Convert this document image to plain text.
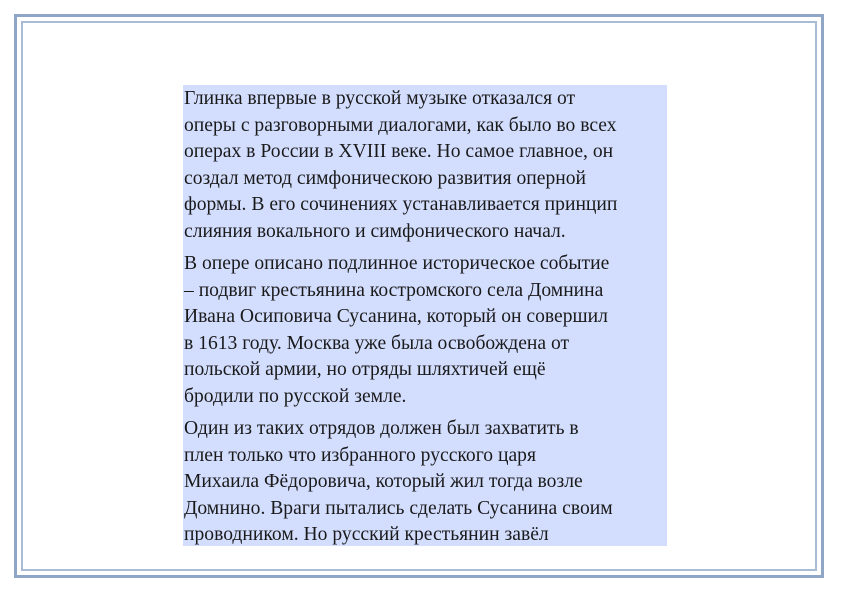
Глинка впервые в русской музыке отказался от
оперы с разговорными диалогами, как было во всех
операх в России в XVIII веке. Но самое главное, он
создал метод симфоническою развития оперной
формы. В его сочинениях устанавливается принцип
слияния вокального и симфонического начал.

В опере описано подлинное историческое событие
– подвиг крестьянина костромского села Домнина
Ивана Осиповича Сусанина, который он совершил
в 1613 году. Москва уже была освобождена от
польской армии, но отряды шляхтичей ещё
бродили по русской земле.

Один из таких отрядов должен был захватить в
плен только что избранного русского царя
Михаила Фёдоровича, который жил тогда возле
Домнино. Враги пытались сделать Сусанина своим
проводником. Но русский крестьянин завёл
